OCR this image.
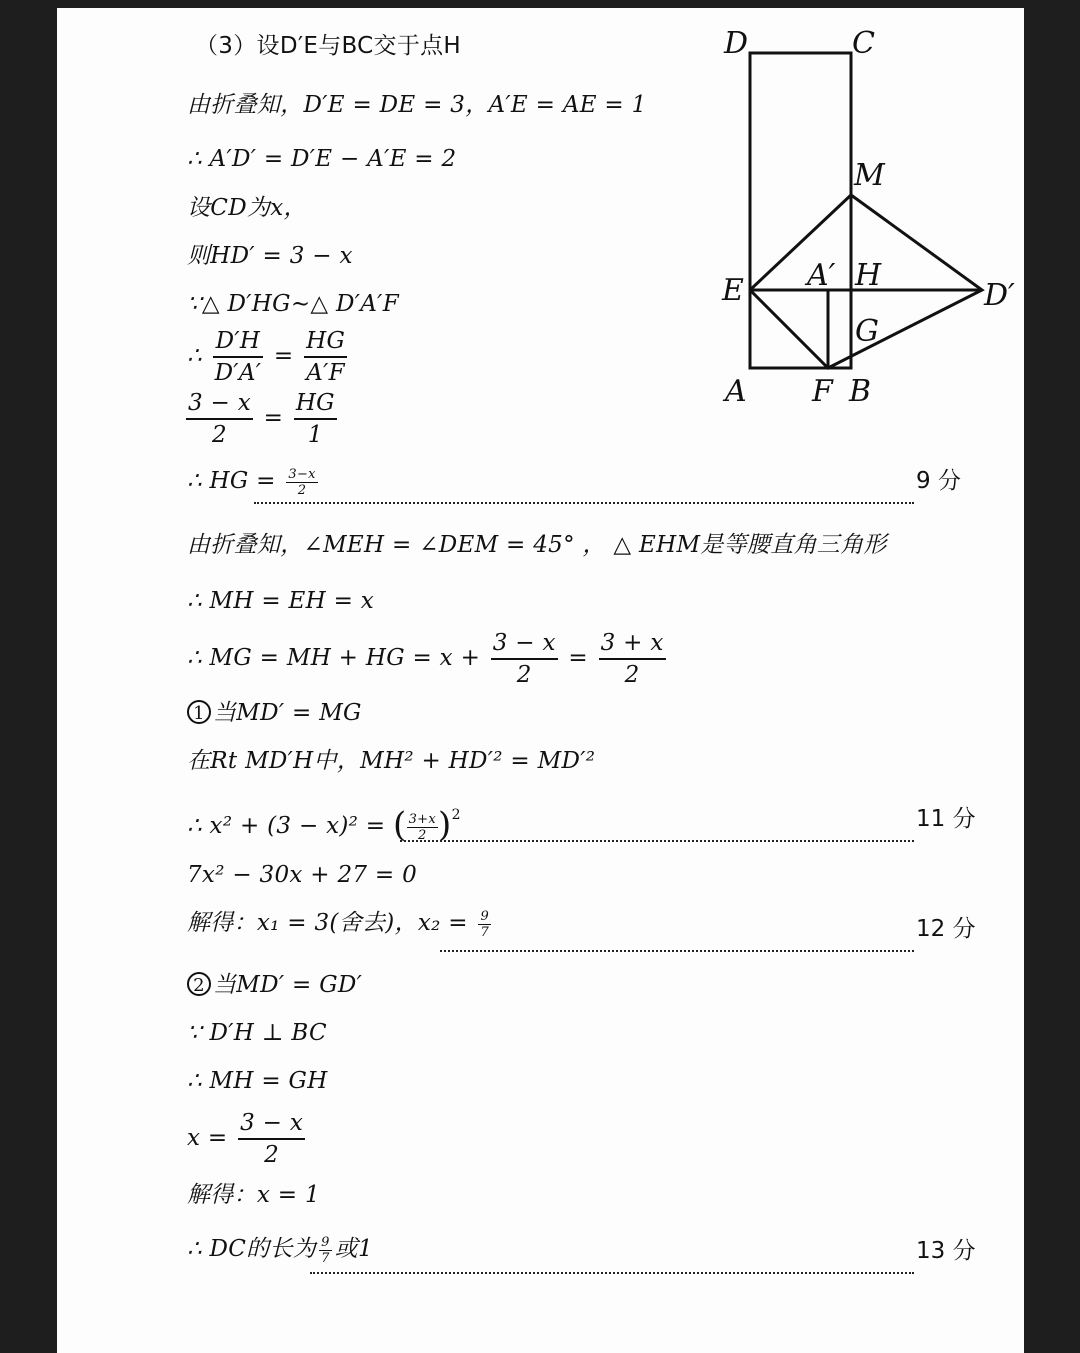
（3）设D′E与BC交于点H
由折叠知，D′E = DE = 3，A′E = AE = 1
∴ A′D′ = D′E − A′E = 2
设CD为x，
则HD′ = 3 − x
∵△ D′HG∼△ D′A′F
∴ $\frac{D'H}{D'A'} = \frac{HG}{A'F}$
$\frac{3 - x}{2} = \frac{HG}{1}$
∴ HG = $\frac{3-x}{2}$	9 分
由折叠知，∠MEH = ∠DEM = 45° ， △ EHM是等腰直角三角形
∴ MH = EH = x
∴ MG = MH + HG = $x + \frac{3 - x}{2} = \frac{3 + x}{2}$
1 当MD′ = MG
在Rt MD′H中，MH² + HD′² = MD′²
∴ x² + (3 − x)² = ( $\frac{3+x}{2} )^2$	11 分
7x² − 30x + 27 = 0
解得：x₁ = 3(舍去)，$x_2 = \frac{9}{7}$	12 分
2 当MD′ = GD′
∵ D′H ⊥ BC
∴ MH = GH
$x = \frac{3 - x}{2}$
解得：x = 1
∴ DC的长为 $\frac{9}{7}$ 或1	13 分
D	C
M
E A′ H
D′
G
A F B
